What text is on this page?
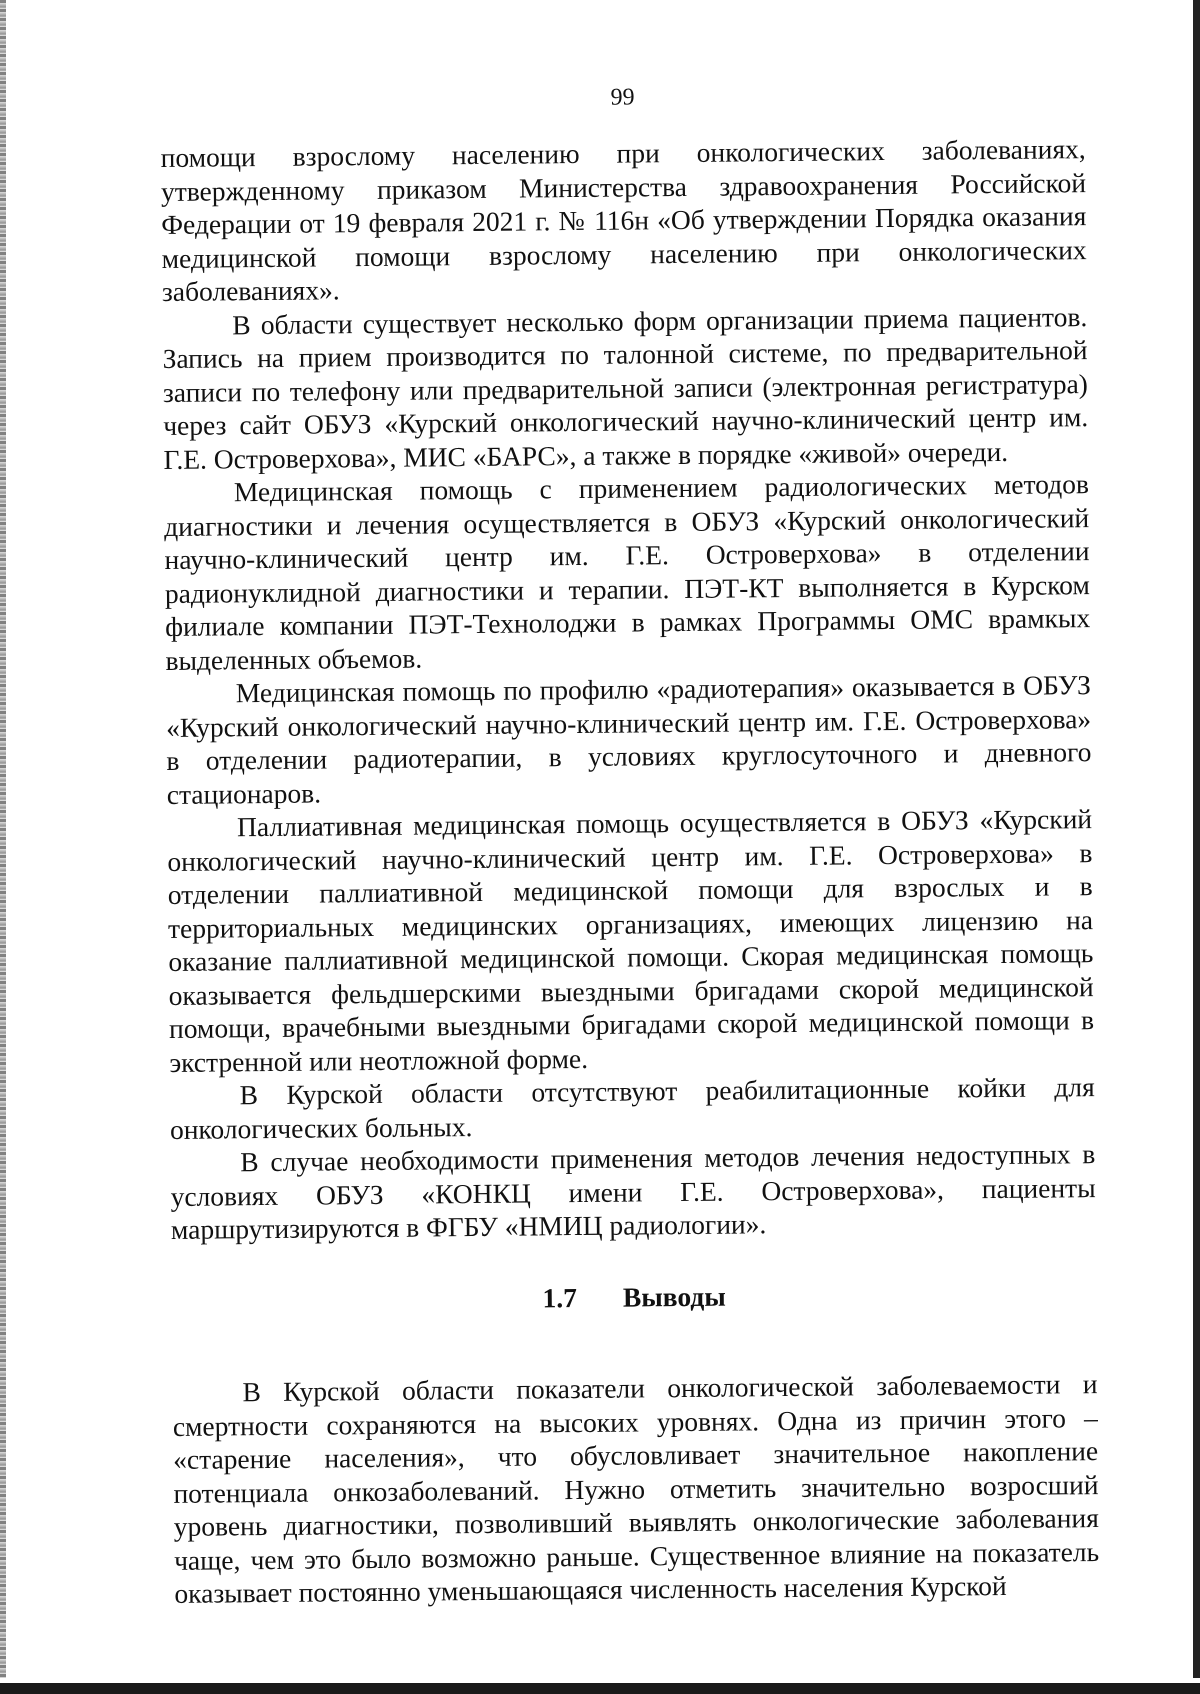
99

помощи взрослому населению при онкологических заболеваниях, утвержденному приказом Министерства здравоохранения Российской Федерации от 19 февраля 2021 г. № 116н «Об утверждении Порядка оказания медицинской помощи взрослому населению при онкологических заболеваниях».

В области существует несколько форм организации приема пациентов. Запись на прием производится по талонной системе, по предварительной записи по телефону или предварительной записи (электронная регистратура) через сайт ОБУЗ «Курский онкологический научно-клинический центр им. Г.Е. Островерхова», МИС «БАРС», а также в порядке «живой» очереди.

Медицинская помощь с применением радиологических методов диагностики и лечения осуществляется в ОБУЗ «Курский онкологический научно-клинический центр им. Г.Е. Островерхова» в отделении радионуклидной диагностики и терапии. ПЭТ-КТ выполняется в Курском филиале компании ПЭТ-Технолоджи в рамках Программы ОМС врамкых выделенных объемов.

Медицинская помощь по профилю «радиотерапия» оказывается в ОБУЗ «Курский онкологический научно-клинический центр им. Г.Е. Островерхова» в отделении радиотерапии, в условиях круглосуточного и дневного стационаров.

Паллиативная медицинская помощь осуществляется в ОБУЗ «Курский онкологический научно-клинический центр им. Г.Е. Островерхова» в отделении паллиативной медицинской помощи для взрослых и в территориальных медицинских организациях, имеющих лицензию на оказание паллиативной медицинской помощи. Скорая медицинская помощь оказывается фельдшерскими выездными бригадами скорой медицинской помощи, врачебными выездными бригадами скорой медицинской помощи в экстренной или неотложной форме.

В Курской области отсутствуют реабилитационные койки для онкологических больных.

В случае необходимости применения методов лечения недоступных в условиях ОБУЗ «КОНКЦ имени Г.Е. Островерхова», пациенты маршрутизируются в ФГБУ «НМИЦ радиологии».

1.7 Выводы

В Курской области показатели онкологической заболеваемости и смертности сохраняются на высоких уровнях. Одна из причин этого – «старение населения», что обусловливает значительное накопление потенциала онкозаболеваний. Нужно отметить значительно возросший уровень диагностики, позволивший выявлять онкологические заболевания чаще, чем это было возможно раньше. Существенное влияние на показатель оказывает постоянно уменьшающаяся численность населения Курской
